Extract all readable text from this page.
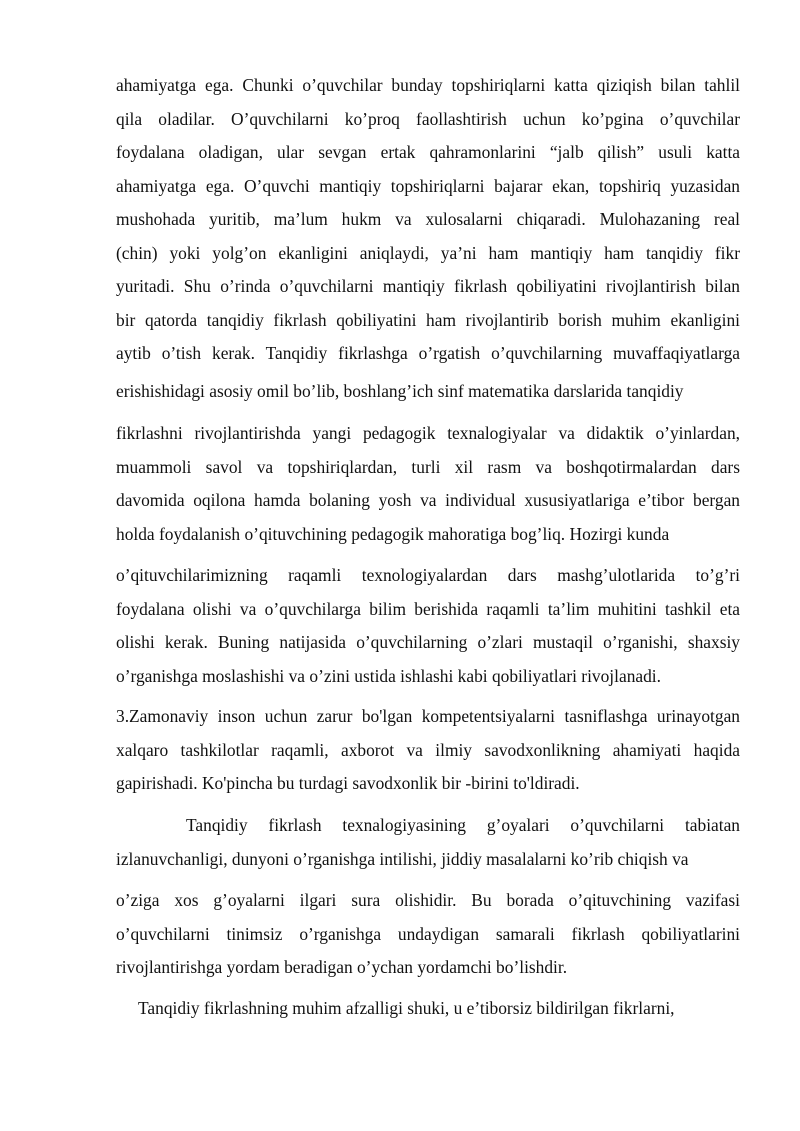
ahamiyatga ega. Chunki o’quvchilar bunday topshiriqlarni katta qiziqish bilan tahlil

qila oladilar. O’quvchilarni ko’proq faollashtirish uchun ko’pgina o’quvchilar

foydalana oladigan, ular sevgan ertak qahramonlarini “jalb qilish” usuli katta

ahamiyatga ega. O’quvchi mantiqiy topshiriqlarni bajarar ekan, topshiriq yuzasidan

mushohada yuritib, ma’lum hukm va xulosalarni chiqaradi. Mulohazaning real

(chin) yoki yolg’on ekanligini aniqlaydi, ya’ni ham mantiqiy ham tanqidiy fikr

yuritadi. Shu o’rinda o’quvchilarni mantiqiy fikrlash qobiliyatini rivojlantirish bilan

bir qatorda tanqidiy fikrlash qobiliyatini ham rivojlantirib borish muhim ekanligini

aytib o’tish kerak. Tanqidiy fikrlashga o’rgatish o’quvchilarning muvaffaqiyatlarga

erishishidagi asosiy omil bo’lib, boshlang’ich sinf matematika darslarida tanqidiy

fikrlashni rivojlantirishda yangi pedagogik texnalogiyalar va didaktik o’yinlardan,

muammoli savol va topshiriqlardan, turli xil rasm va boshqotirmalardan dars

davomida oqilona hamda bolaning yosh va individual xususiyatlariga e’tibor bergan

holda foydalanish o’qituvchining pedagogik mahoratiga bog’liq. Hozirgi kunda

o’qituvchilarimizning raqamli texnologiyalardan dars mashg’ulotlarida to’g’ri

foydalana olishi va o’quvchilarga bilim berishida raqamli ta’lim muhitini tashkil eta

olishi kerak. Buning natijasida o’quvchilarning o’zlari mustaqil o’rganishi, shaxsiy

o’rganishga moslashishi va o’zini ustida ishlashi kabi qobiliyatlari rivojlanadi.

3.Zamonaviy inson uchun zarur bo'lgan kompetentsiyalarni tasniflashga urinayotgan

xalqaro tashkilotlar raqamli, axborot va ilmiy savodxonlikning ahamiyati haqida

gapirishadi. Ko'pincha bu turdagi savodxonlik bir -birini to'ldiradi.

Tanqidiy fikrlash texnalogiyasining g’oyalari o’quvchilarni tabiatan

izlanuvchanligi, dunyoni o’rganishga intilishi, jiddiy masalalarni ko’rib chiqish va

o’ziga xos g’oyalarni ilgari sura olishidir. Bu borada o’qituvchining vazifasi

o’quvchilarni tinimsiz o’rganishga undaydigan samarali fikrlash qobiliyatlarini

rivojlantirishga yordam beradigan o’ychan yordamchi bo’lishdir.

Tanqidiy fikrlashning muhim afzalligi shuki, u e’tiborsiz bildirilgan fikrlarni,
